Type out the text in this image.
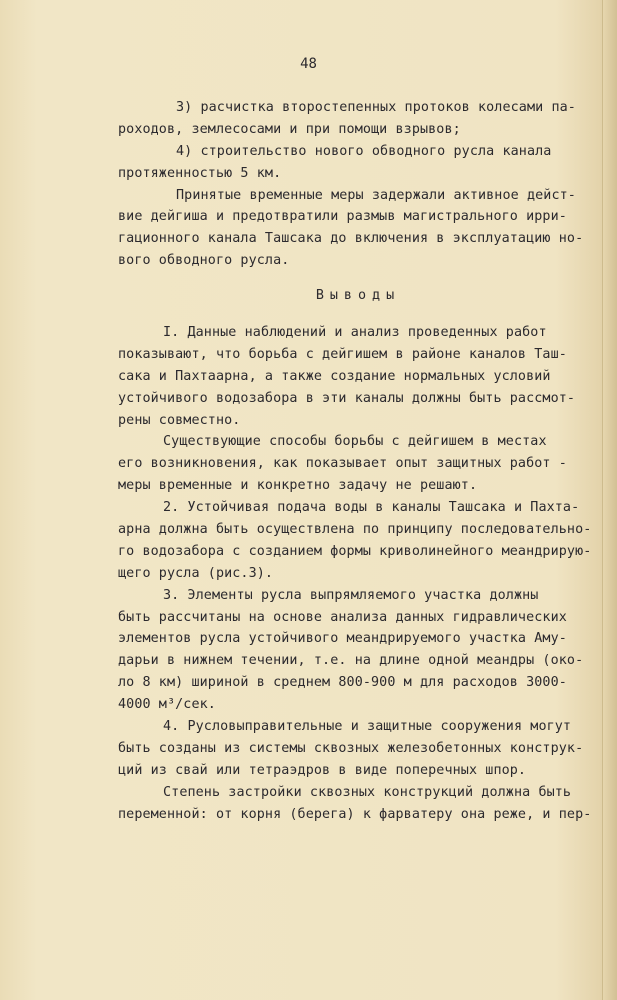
48
3) расчистка второстепенных протоков колесами па-
роходов, землесосами и при помощи взрывов;
4) строительство нового обводного русла канала
протяженностью 5 км.
Принятые временные меры задержали активное дейст-
вие дейгиша и предотвратили размыв магистрального ирри-
гационного канала Ташсака до включения в эксплуатацию но-
вого обводного русла.
Выводы
I. Данные наблюдений и анализ проведенных работ
показывают, что борьба с дейгишем в районе каналов Таш-
сака и Пахтаарна, а также создание нормальных условий
устойчивого водозабора в эти каналы должны быть рассмот-
рены совместно.
Существующие способы борьбы с дейгишем в местах
его возникновения, как показывает опыт защитных работ -
меры временные и конкретно задачу не решают.
2. Устойчивая подача воды в каналы Ташсака и Пахта-
арна должна быть осуществлена по принципу последовательно-
го водозабора с созданием формы криволинейного меандрирую-
щего русла (рис.3).
3. Элементы русла выпрямляемого участка должны
быть рассчитаны на основе анализа данных гидравлических
элементов русла устойчивого меандрируемого участка Аму-
дарьи в нижнем течении, т.е. на длине одной меандры (око-
ло 8 км) шириной в среднем 800-900 м для расходов 3000-
4000 м³/сек.
4. Русловыправительные и защитные сооружения могут
быть созданы из системы сквозных железобетонных конструк-
ций из свай или тетраэдров в виде поперечных шпор.
Степень застройки сквозных конструкций должна быть
переменной: от корня (берега) к фарватеру она реже, и пер-
